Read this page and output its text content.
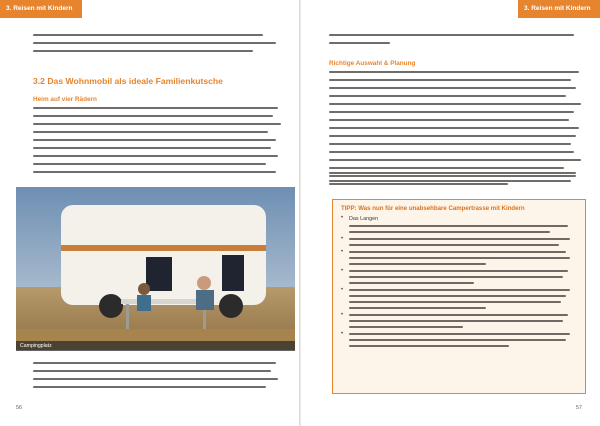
3. Reisen mit Kindern
3.2 Das Wohnmobil als ideale Familienkutsche
Heim auf vier Rädern
Campingplatz
56
3. Reisen mit Kindern
Richtige Auswahl & Planung
TIPP: Was nun für eine unabsehbare Campertrasse mit Kindern
• Das Langen
•
•
•
•
•
•
57
